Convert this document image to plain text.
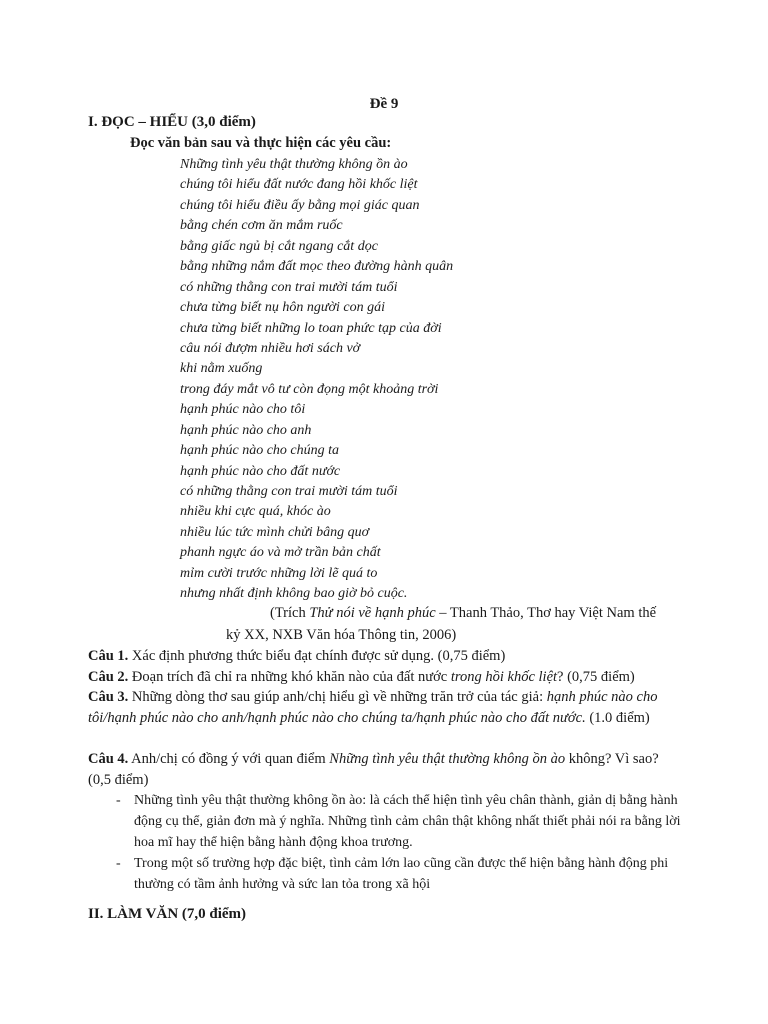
Đề 9
I. ĐỌC – HIỂU (3,0 điểm)
Đọc văn bản sau và thực hiện các yêu cầu:
Những tình yêu thật thường không ồn ào
chúng tôi hiểu đất nước đang hồi khốc liệt
chúng tôi hiểu điều ấy bằng mọi giác quan
bằng chén cơm ăn mắm ruốc
bằng giấc ngủ bị cắt ngang cắt dọc
bằng những nắm đất mọc theo đường hành quân
có những thằng con trai mười tám tuổi
chưa từng biết nụ hôn người con gái
chưa từng biết những lo toan phức tạp của đời
câu nói đượm nhiều hơi sách vở
khi nằm xuống
trong đáy mắt vô tư còn đọng một khoảng trời
hạnh phúc nào cho tôi
hạnh phúc nào cho anh
hạnh phúc nào cho chúng ta
hạnh phúc nào cho đất nước
có những thằng con trai mười tám tuổi
nhiều khi cực quá, khóc ào
nhiều lúc tức mình chửi bâng quơ
phanh ngực áo và mở trần bản chất
mỉm cười trước những lời lẽ quá to
nhưng nhất định không bao giờ bỏ cuộc.
(Trích Thử nói về hạnh phúc – Thanh Thảo, Thơ hay Việt Nam thế
kỷ XX, NXB Văn hóa Thông tin, 2006)
Câu 1. Xác định phương thức biểu đạt chính được sử dụng. (0,75 điểm)
Câu 2. Đoạn trích đã chỉ ra những khó khăn nào của đất nước trong hồi khốc liệt? (0,75 điểm)
Câu 3. Những dòng thơ sau giúp anh/chị hiểu gì về những trăn trở của tác giả: hạnh phúc nào cho tôi/hạnh phúc nào cho anh/hạnh phúc nào cho chúng ta/hạnh phúc nào cho đất nước. (1.0 điểm)
Câu 4. Anh/chị có đồng ý với quan điểm Những tình yêu thật thường không ồn ào không? Vì sao? (0,5 điểm)
- Những tình yêu thật thường không ồn ào: là cách thể hiện tình yêu chân thành, giản dị bằng hành động cụ thể, giản đơn mà ý nghĩa. Những tình cảm chân thật không nhất thiết phải nói ra bằng lời hoa mĩ hay thể hiện bằng hành động khoa trương.
- Trong một số trường hợp đặc biệt, tình cảm lớn lao cũng cần được thể hiện bằng hành động phi thường có tầm ảnh hưởng và sức lan tỏa trong xã hội
II. LÀM VĂN (7,0 điểm)
